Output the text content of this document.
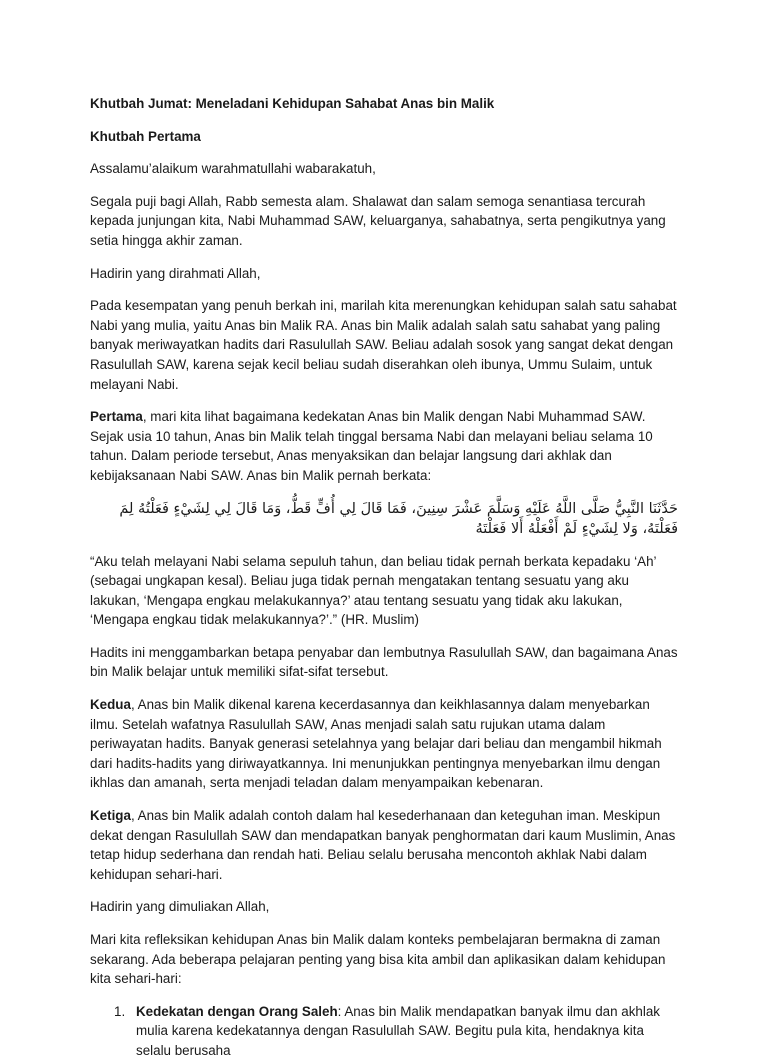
Khutbah Jumat: Meneladani Kehidupan Sahabat Anas bin Malik

Khutbah Pertama

Assalamu’alaikum warahmatullahi wabarakatuh,

Segala puji bagi Allah, Rabb semesta alam. Shalawat dan salam semoga senantiasa tercurah kepada junjungan kita, Nabi Muhammad SAW, keluarganya, sahabatnya, serta pengikutnya yang setia hingga akhir zaman.

Hadirin yang dirahmati Allah,

Pada kesempatan yang penuh berkah ini, marilah kita merenungkan kehidupan salah satu sahabat Nabi yang mulia, yaitu Anas bin Malik RA. Anas bin Malik adalah salah satu sahabat yang paling banyak meriwayatkan hadits dari Rasulullah SAW. Beliau adalah sosok yang sangat dekat dengan Rasulullah SAW, karena sejak kecil beliau sudah diserahkan oleh ibunya, Ummu Sulaim, untuk melayani Nabi.

Pertama, mari kita lihat bagaimana kedekatan Anas bin Malik dengan Nabi Muhammad SAW. Sejak usia 10 tahun, Anas bin Malik telah tinggal bersama Nabi dan melayani beliau selama 10 tahun. Dalam periode tersebut, Anas menyaksikan dan belajar langsung dari akhlak dan kebijaksanaan Nabi SAW. Anas bin Malik pernah berkata:

حَدَّثَنَا النَّبِيُّ صَلَّى اللَّهُ عَلَيْهِ وَسَلَّمَ عَشْرَ سِنِينَ، فَمَا قَالَ لِي أُفٍّ قَطُّ، وَمَا قَالَ لِي لِشَيْءٍ فَعَلْتُهُ لِمَ فَعَلْتَهُ، وَلا لِشَيْءٍ لَمْ أَفْعَلْهُ أَلا فَعَلْتَهُ

“Aku telah melayani Nabi selama sepuluh tahun, dan beliau tidak pernah berkata kepadaku ‘Ah’ (sebagai ungkapan kesal). Beliau juga tidak pernah mengatakan tentang sesuatu yang aku lakukan, ‘Mengapa engkau melakukannya?’ atau tentang sesuatu yang tidak aku lakukan, ‘Mengapa engkau tidak melakukannya?’.” (HR. Muslim)

Hadits ini menggambarkan betapa penyabar dan lembutnya Rasulullah SAW, dan bagaimana Anas bin Malik belajar untuk memiliki sifat-sifat tersebut.

Kedua, Anas bin Malik dikenal karena kecerdasannya dan keikhlasannya dalam menyebarkan ilmu. Setelah wafatnya Rasulullah SAW, Anas menjadi salah satu rujukan utama dalam periwayatan hadits. Banyak generasi setelahnya yang belajar dari beliau dan mengambil hikmah dari hadits-hadits yang diriwayatkannya. Ini menunjukkan pentingnya menyebarkan ilmu dengan ikhlas dan amanah, serta menjadi teladan dalam menyampaikan kebenaran.

Ketiga, Anas bin Malik adalah contoh dalam hal kesederhanaan dan keteguhan iman. Meskipun dekat dengan Rasulullah SAW dan mendapatkan banyak penghormatan dari kaum Muslimin, Anas tetap hidup sederhana dan rendah hati. Beliau selalu berusaha mencontoh akhlak Nabi dalam kehidupan sehari-hari.

Hadirin yang dimuliakan Allah,

Mari kita refleksikan kehidupan Anas bin Malik dalam konteks pembelajaran bermakna di zaman sekarang. Ada beberapa pelajaran penting yang bisa kita ambil dan aplikasikan dalam kehidupan kita sehari-hari:

1. Kedekatan dengan Orang Saleh: Anas bin Malik mendapatkan banyak ilmu dan akhlak mulia karena kedekatannya dengan Rasulullah SAW. Begitu pula kita, hendaknya kita selalu berusaha
